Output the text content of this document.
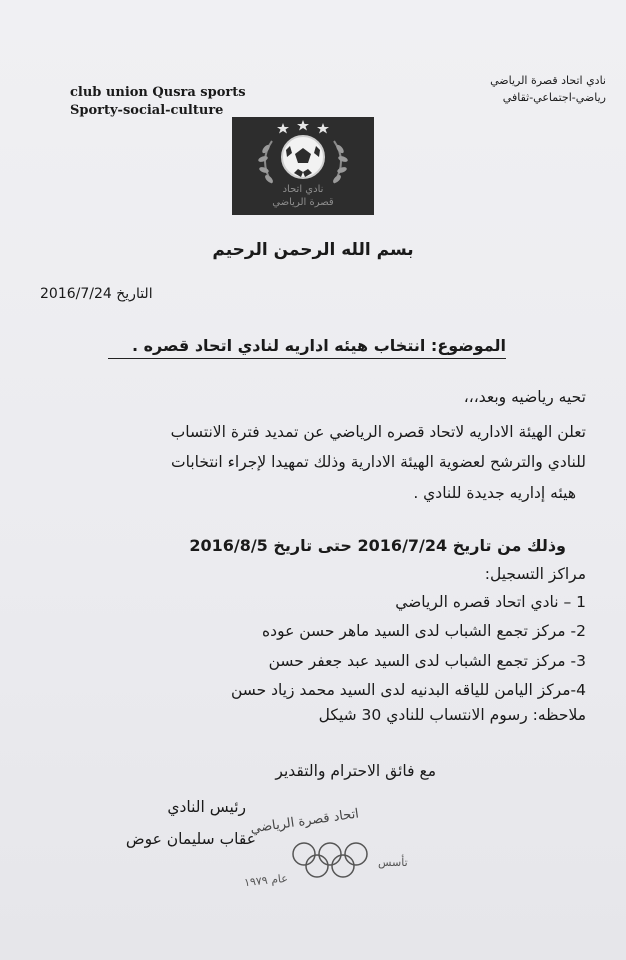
club union Qusra sports
Sporty-social-culture
نادي اتحاد قصرة الرياضي
رياضي-اجتماعي-ثقافي
نادي اتحاد
قصرة الرياضي
بسم الله الرحمن الرحيم
التاريخ 2016/7/24
الموضوع: انتخاب هيئه اداريه لنادي اتحاد قصره .
تحيه رياضيه وبعد،،،
تعلن الهيئة الاداريه لاتحاد قصره الرياضي عن تمديد فترة الانتساب
للنادي والترشح لعضوية الهيئة الادارية وذلك تمهيدا لإجراء انتخابات
هيئه إداريه جديدة للنادي .
وذلك من تاريخ 2016/7/24 حتى تاريخ 2016/8/5
مراكز التسجيل:
1 – نادي اتحاد قصره الرياضي
2- مركز تجمع الشباب لدى السيد ماهر حسن عوده
3- مركز تجمع الشباب لدى السيد عبد جعفر حسن
4-مركز اليامن للياقه البدنيه لدى السيد محمد زياد حسن
ملاحظه: رسوم الانتساب للنادي 30 شيكل
مع فائق الاحترام والتقدير
رئيس النادي
عقاب سليمان عوض
اتحاد قصرة الرياضي
تأسس
عام ١٩٧٩
